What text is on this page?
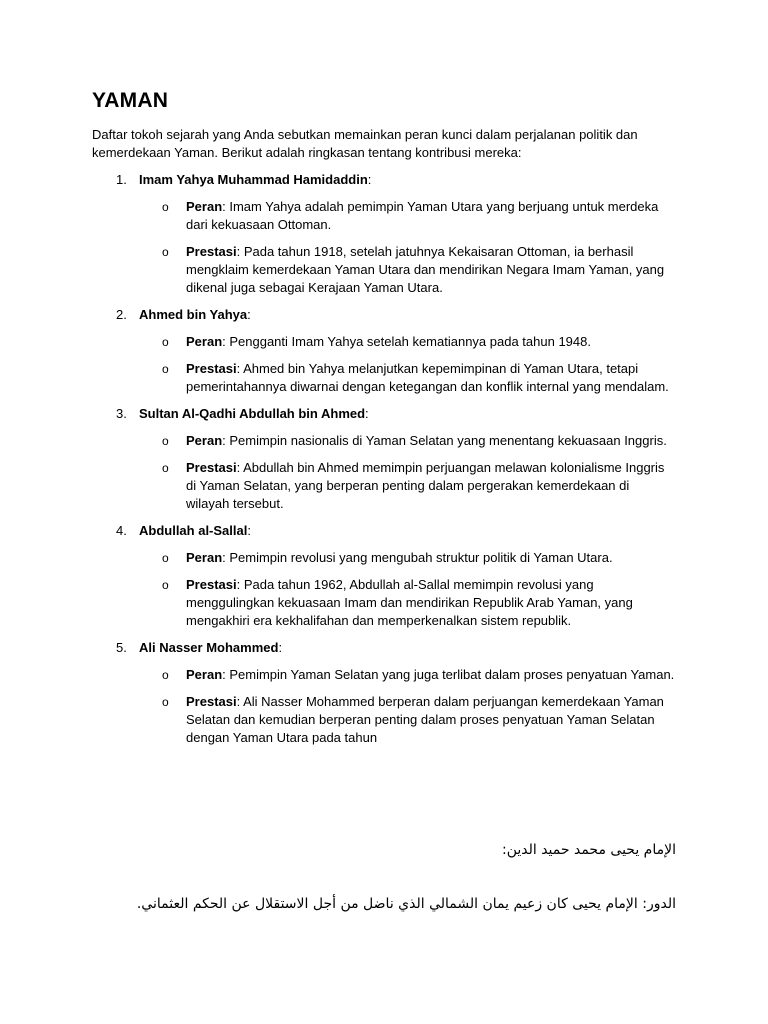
YAMAN
Daftar tokoh sejarah yang Anda sebutkan memainkan peran kunci dalam perjalanan politik dan kemerdekaan Yaman. Berikut adalah ringkasan tentang kontribusi mereka:
1. Imam Yahya Muhammad Hamidaddin:
o Peran: Imam Yahya adalah pemimpin Yaman Utara yang berjuang untuk merdeka dari kekuasaan Ottoman.
o Prestasi: Pada tahun 1918, setelah jatuhnya Kekaisaran Ottoman, ia berhasil mengklaim kemerdekaan Yaman Utara dan mendirikan Negara Imam Yaman, yang dikenal juga sebagai Kerajaan Yaman Utara.
2. Ahmed bin Yahya:
o Peran: Pengganti Imam Yahya setelah kematiannya pada tahun 1948.
o Prestasi: Ahmed bin Yahya melanjutkan kepemimpinan di Yaman Utara, tetapi pemerintahannya diwarnai dengan ketegangan dan konflik internal yang mendalam.
3. Sultan Al-Qadhi Abdullah bin Ahmed:
o Peran: Pemimpin nasionalis di Yaman Selatan yang menentang kekuasaan Inggris.
o Prestasi: Abdullah bin Ahmed memimpin perjuangan melawan kolonialisme Inggris di Yaman Selatan, yang berperan penting dalam pergerakan kemerdekaan di wilayah tersebut.
4. Abdullah al-Sallal:
o Peran: Pemimpin revolusi yang mengubah struktur politik di Yaman Utara.
o Prestasi: Pada tahun 1962, Abdullah al-Sallal memimpin revolusi yang menggulingkan kekuasaan Imam dan mendirikan Republik Arab Yaman, yang mengakhiri era kekhalifahan dan memperkenalkan sistem republik.
5. Ali Nasser Mohammed:
o Peran: Pemimpin Yaman Selatan yang juga terlibat dalam proses penyatuan Yaman.
o Prestasi: Ali Nasser Mohammed berperan dalam perjuangan kemerdekaan Yaman Selatan dan kemudian berperan penting dalam proses penyatuan Yaman Selatan dengan Yaman Utara pada tahun
الإمام يحيى محمد حميد الدين:
الدور: الإمام يحيى كان زعيم يمان الشمالي الذي ناضل من أجل الاستقلال عن الحكم العثماني.
